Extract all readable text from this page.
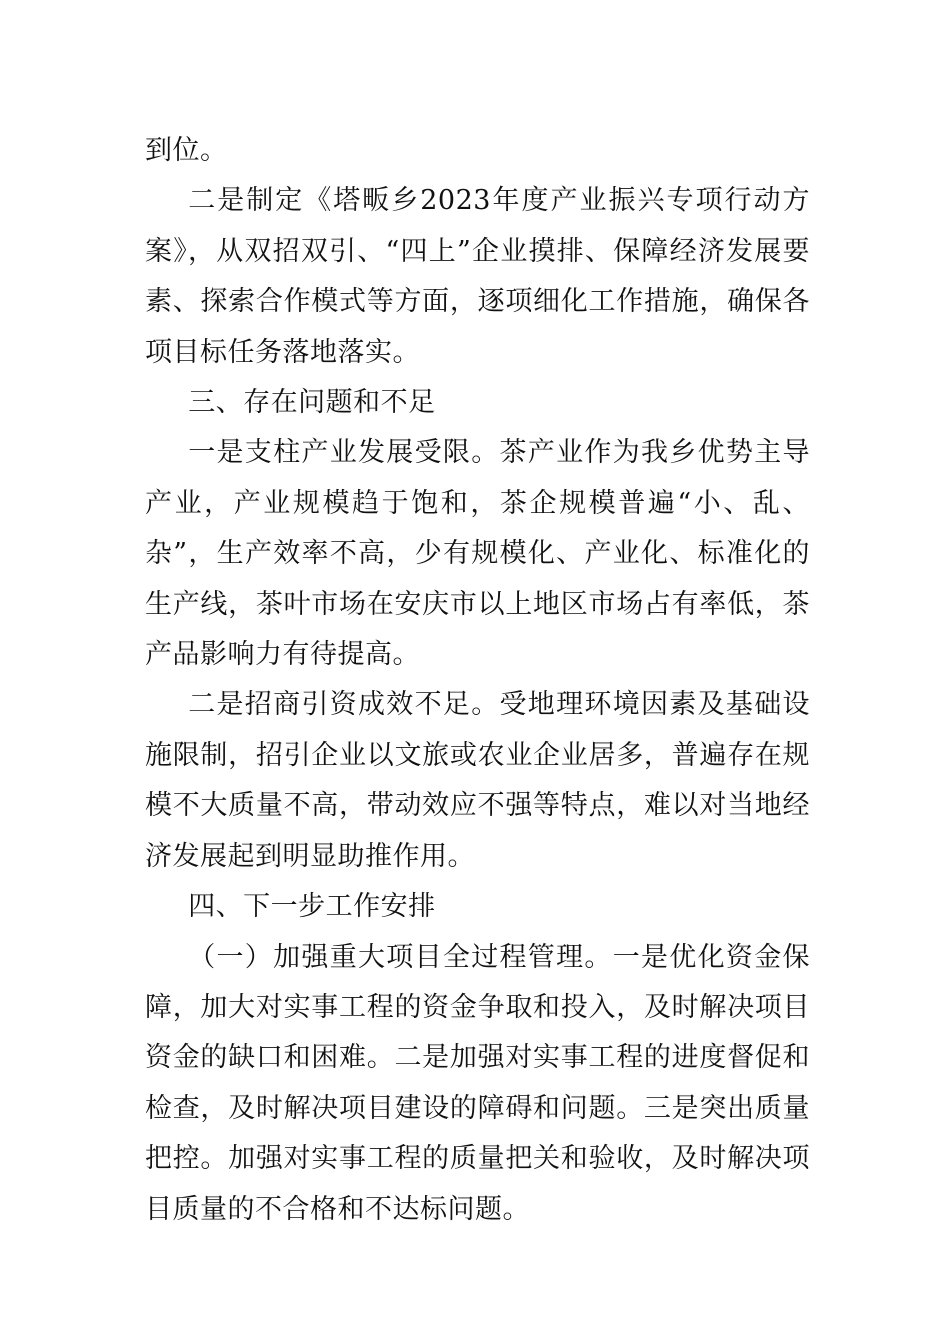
到位。

二是制定《塔畈乡2023年度产业振兴专项行动方案》，从双招双引、“四上”企业摸排、保障经济发展要素、探索合作模式等方面，逐项细化工作措施，确保各项目标任务落地落实。

三、存在问题和不足

一是支柱产业发展受限。茶产业作为我乡优势主导产业，产业规模趋于饱和，茶企规模普遍“小、乱、杂”，生产效率不高，少有规模化、产业化、标准化的生产线，茶叶市场在安庆市以上地区市场占有率低，茶产品影响力有待提高。

二是招商引资成效不足。受地理环境因素及基础设施限制，招引企业以文旅或农业企业居多，普遍存在规模不大质量不高，带动效应不强等特点，难以对当地经济发展起到明显助推作用。

四、下一步工作安排

（一）加强重大项目全过程管理。一是优化资金保障，加大对实事工程的资金争取和投入，及时解决项目资金的缺口和困难。二是加强对实事工程的进度督促和检查，及时解决项目建设的障碍和问题。三是突出质量把控。加强对实事工程的质量把关和验收，及时解决项目质量的不合格和不达标问题。
